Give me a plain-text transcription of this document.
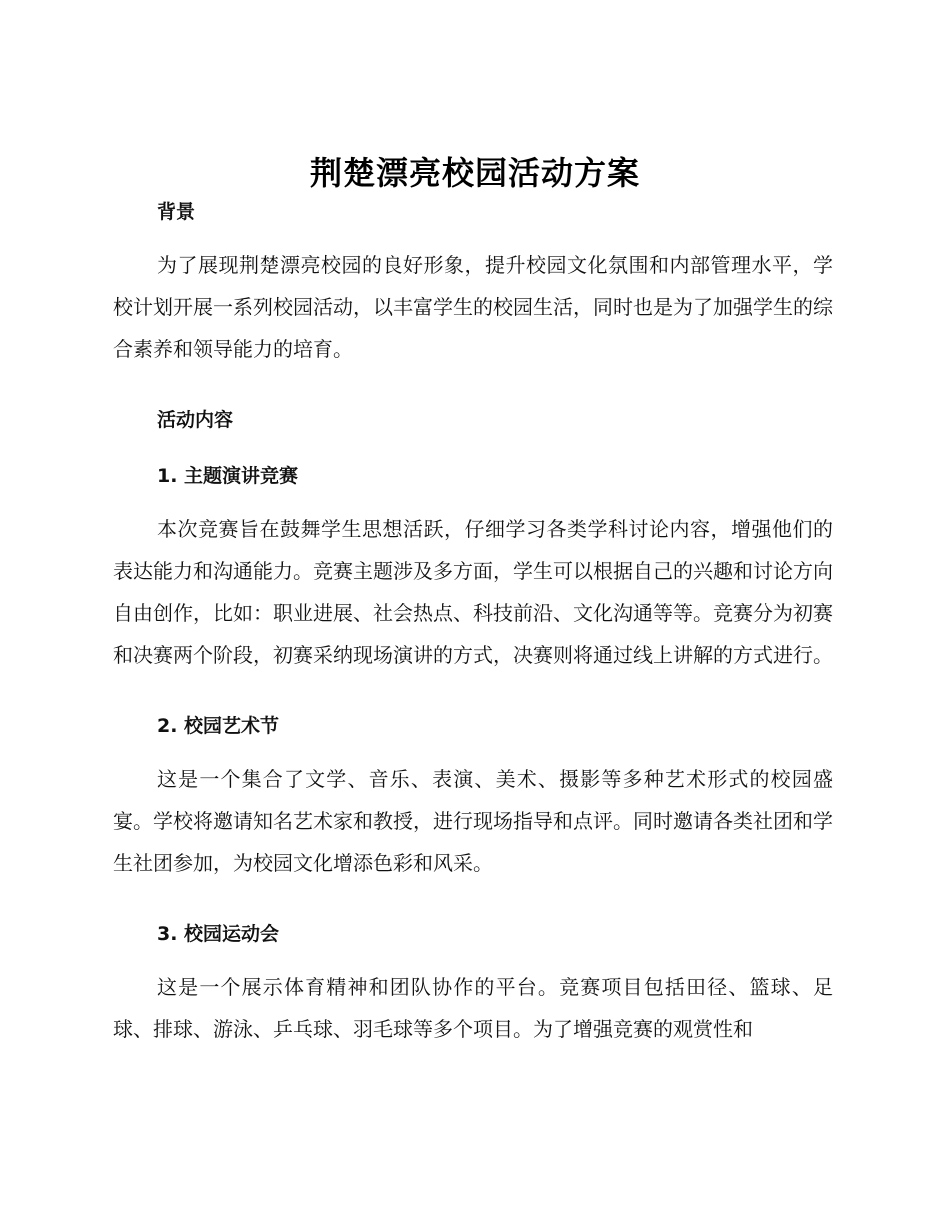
荆楚漂亮校园活动方案
背景

为了展现荆楚漂亮校园的良好形象，提升校园文化氛围和内部管理水平，学校计划开展一系列校园活动，以丰富学生的校园生活，同时也是为了加强学生的综合素养和领导能力的培育。

活动内容
1. 主题演讲竞赛

本次竞赛旨在鼓舞学生思想活跃，仔细学习各类学科讨论内容，增强他们的表达能力和沟通能力。竞赛主题涉及多方面，学生可以根据自己的兴趣和讨论方向自由创作，比如：职业进展、社会热点、科技前沿、文化沟通等等。竞赛分为初赛和决赛两个阶段，初赛采纳现场演讲的方式，决赛则将通过线上讲解的方式进行。

2. 校园艺术节

这是一个集合了文学、音乐、表演、美术、摄影等多种艺术形式的校园盛宴。学校将邀请知名艺术家和教授，进行现场指导和点评。同时邀请各类社团和学生社团参加，为校园文化增添色彩和风采。

3. 校园运动会

这是一个展示体育精神和团队协作的平台。竞赛项目包括田径、篮球、足球、排球、游泳、乒乓球、羽毛球等多个项目。为了增强竞赛的观赏性和
